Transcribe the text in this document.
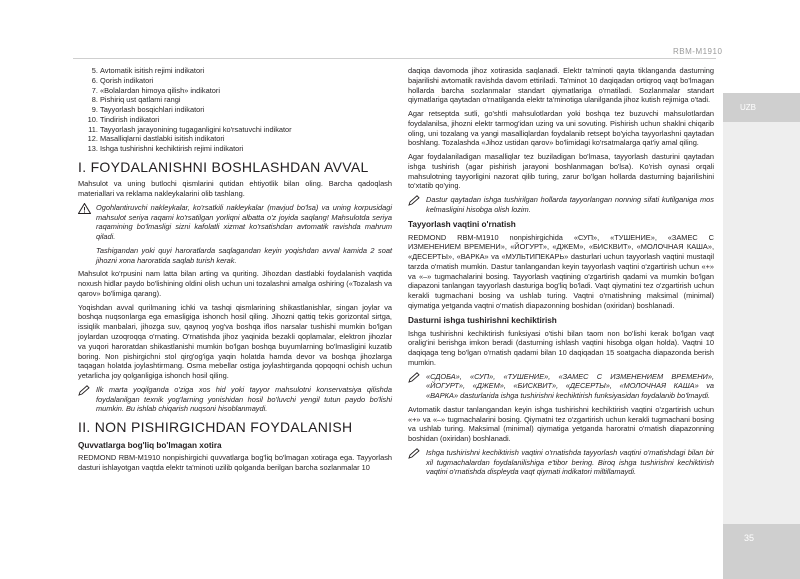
RBM-M1910
UZB
35
5. Avtomatik isitish rejimi indikatori
6. Qorish indikatori
7. «Bolalardan himoya qilish» indikatori
8. Pishiriq ust qatlami rangi
9. Tayyorlash bosqichlari indikatori
10. Tindirish indikatori
11. Tayyorlash jarayonining tugaganligini ko'rsatuvchi indikator
12. Masalliqlarni dastlabki isitish indikatori
13. Ishga tushirishni kechiktirish rejimi indikatori
I. FOYDALANISHNI BOSHLASHDAN AVVAL

Mahsulot va uning butlochi qismlarini qutidan ehtiyotlik bilan oling. Barcha qadoqlash materiallari va reklama nakleykalarini olib tashlang.

Ogohlantiruvchi nakleykalar, ko'rsatkili nakleykalar (mavjud bo'lsa) va uning korpusidagi mahsulot seriya raqami ko'rsatilgan yorliqni albatta o'z joyida saqlang! Mahsulotda seriya raqamining bo'lmasligi sizni kafolatli xizmat ko'rsatishdan avtomatik ravishda mahrum qiladi.

Tashigandan yoki quyi haroratlarda saqlagandan keyin yoqishdan avval kamida 2 soat jihozni xona haroratida saqlab turish kerak.

Mahsulot ko'rpusini nam latta bilan arting va quriting. Jihozdan dastlabki foydalanish vaqtida noxush hidlar paydo bo'lishining oldini olish uchun uni tozalashni amalga oshiring («Tozalash va qarov» bo'limiga qarang).

Yoqishdan avval qurilmaning ichki va tashqi qismlarining shikastlanishlar, singan joylar va boshqa nuqsonlarga ega emasligiga ishonch hosil qiling. Jihozni qattiq tekis gorizontal sirtga, issiqlik manbalari, jihozga suv, qaynoq yog'va boshqa iflos narsalar tushishi mumkin bo'lgan joylardan uzoqroqqa o'rnating. O'rnatishda jihoz yaqinida bezakli qoplamalar, elektron jihozlar va yuqori haroratdan shikastlanishi mumkin bo'lgan boshqa buyumlarning bo'lmasligini kuzatib boring. Non pishirgichni stol qirg'og'iga yaqin holatda hamda devor va boshqa jihozlarga taqagan holatda joylashtirmang. Osma mebellar ostiga joylashtirganda qopqoqni ochish uchun yetarlicha joy qolganligiga ishonch hosil qiling.

Ilk marta yoqilganda o'ziga xos hid yoki tayyor mahsulotni konservatsiya qilishda foydalanilgan texnik yog'larning yonishidan hosil bo'luvchi yengil tutun paydo bo'lishi mumkin. Bu ishlab chiqarish nuqsoni hisoblanmaydi.

II. NON PISHIRGICHDAN FOYDALANISH
Quvvatlarga bog'liq bo'lmagan xotira

REDMOND RBM-M1910 nonpishirgichi quvvatlarga bog'liq bo'lmagan xotiraga ega. Tayyorlash dasturi ishlayotgan vaqtda elektr ta'minoti uzilib qolganda berilgan barcha sozlanmalar 10

daqiqa davomoda jihoz xotirasida saqlanadi. Elektr ta'minoti qayta tiklanganda dasturning bajarilishi avtomatik ravishda davom ettiriladi. Ta'minot 10 daqiqadan ortiqroq vaqt bo'lmagan hollarda barcha sozlanmalar standart qiymatlariga o'rnatiladi. Sozlanmalar standart qiymatlariga qaytadan o'rnatilganda elektr ta'minotiga ulanilganda jihoz kutish rejimiga o'tadi.

Agar retseptda sutli, go'shtli mahsulotlardan yoki boshqa tez buzuvchi mahsulotlardan foydalanilsa, jihozni elektr tarmog'idan uzing va uni sovuting. Pishirish uchun shaklni chiqarib oling, uni tozalang va yangi masalliqlardan foydalanib retsept bo'yicha tayyorlashni qaytadan boshlang. Tozalashda «Jihoz ustidan qarov» bo'limidagi ko'rsatmalarga qat'iy amal qiling.

Agar foydalaniladigan masalliqlar tez buziladigan bo'lmasa, tayyorlash dasturini qaytadan ishga tushirish (agar pishirish jarayoni boshlanmagan bo'lsa). Ko'rish oynasi orqali mahsulotning tayyorligini nazorat qilib turing, zarur bo'lgan hollarda dasturning bajarilishini to'xtatib qo'ying.

Dastur qaytadan ishga tushirilgan hollarda tayyorlangan nonning sifati kutilganiga mos kelmasligini hisobga olish lozim.

Tayyorlash vaqtini o'rnatish

REDMOND RBM-M1910 nonpishirgichida «СУП», «ТУШЕНИЕ», «ЗАМЕС С ИЗМЕНЕНИЕМ ВРЕМЕНИ», «ЙОГУРТ», «ДЖЕМ», «БИСКВИТ», «МОЛОЧНАЯ КАША», «ДЕСЕРТЫ», «ВАРКА» va «МУЛЬТИПЕКАРЬ» dasturlari uchun tayyorlash vaqtini mustaqil tarzda o'rnatish mumkin. Dastur tanlangandan keyin tayyorlash vaqtini o'zgartirish uchun «+» va «–» tugmachalarini bosing. Tayyorlash vaqtining o'zgartirish qadami va mumkin bo'lgan diapazoni tanlangan tayyorlash dasturiga bog'liq bo'ladi. Vaqt qiymatini tez o'zgartirish uchun kerakli tugmachani bosing va ushlab turing. Vaqtni o'rnatishning maksimal (minimal) qiymatiga yetganda vaqtni o'rnatish diapazonning boshidan (oxiridan) boshlanadi.

Dasturni ishga tushirishni kechiktirish

Ishga tushirishni kechiktirish funksiyasi o'tishi bilan taom non bo'lishi kerak bo'lgan vaqt oralig'ini berishga imkon beradi (dasturning ishlash vaqtini hisobga olgan holda). Vaqtni 10 daqiqaga teng bo'lgan o'rnatish qadami bilan 10 daqiqadan 15 soatgacha diapazonda berish mumkin.

«СДОБА», «СУП», «ТУШЕНИЕ», «ЗАМЕС С ИЗМЕНЕНИЕМ ВРЕМЕНИ», «ЙОГУРТ», «ДЖЕМ», «БИСКВИТ», «ДЕСЕРТЫ», «МОЛОЧНАЯ КАША» va «ВАРКА» dasturlarida ishga tushirishni kechiktirish funksiyasidan foydalanib bo'lmaydi.

Avtomatik dastur tanlangandan keyin ishga tushirishni kechiktirish vaqtini o'zgartirish uchun «+» va «–» tugmachalarini bosing. Qiymatni tez o'zgartirish uchun kerakli tugmachani bosing va ushlab turing. Maksimal (minimal) qiymatiga yetganda haroratni o'rnatish diapazonning boshidan (oxiridan) boshlanadi.

Ishga tushirishni kechiktirish vaqtini o'rnatishda tayyorlash vaqtini o'rnatishdagi bilan bir xil tugmachalardan foydalanilishiga e'tibor bering. Biroq ishga tushirishni kechiktirish vaqtini o'rnatishda displeyda vaqt qiymati indikatori miltillamaydi.
